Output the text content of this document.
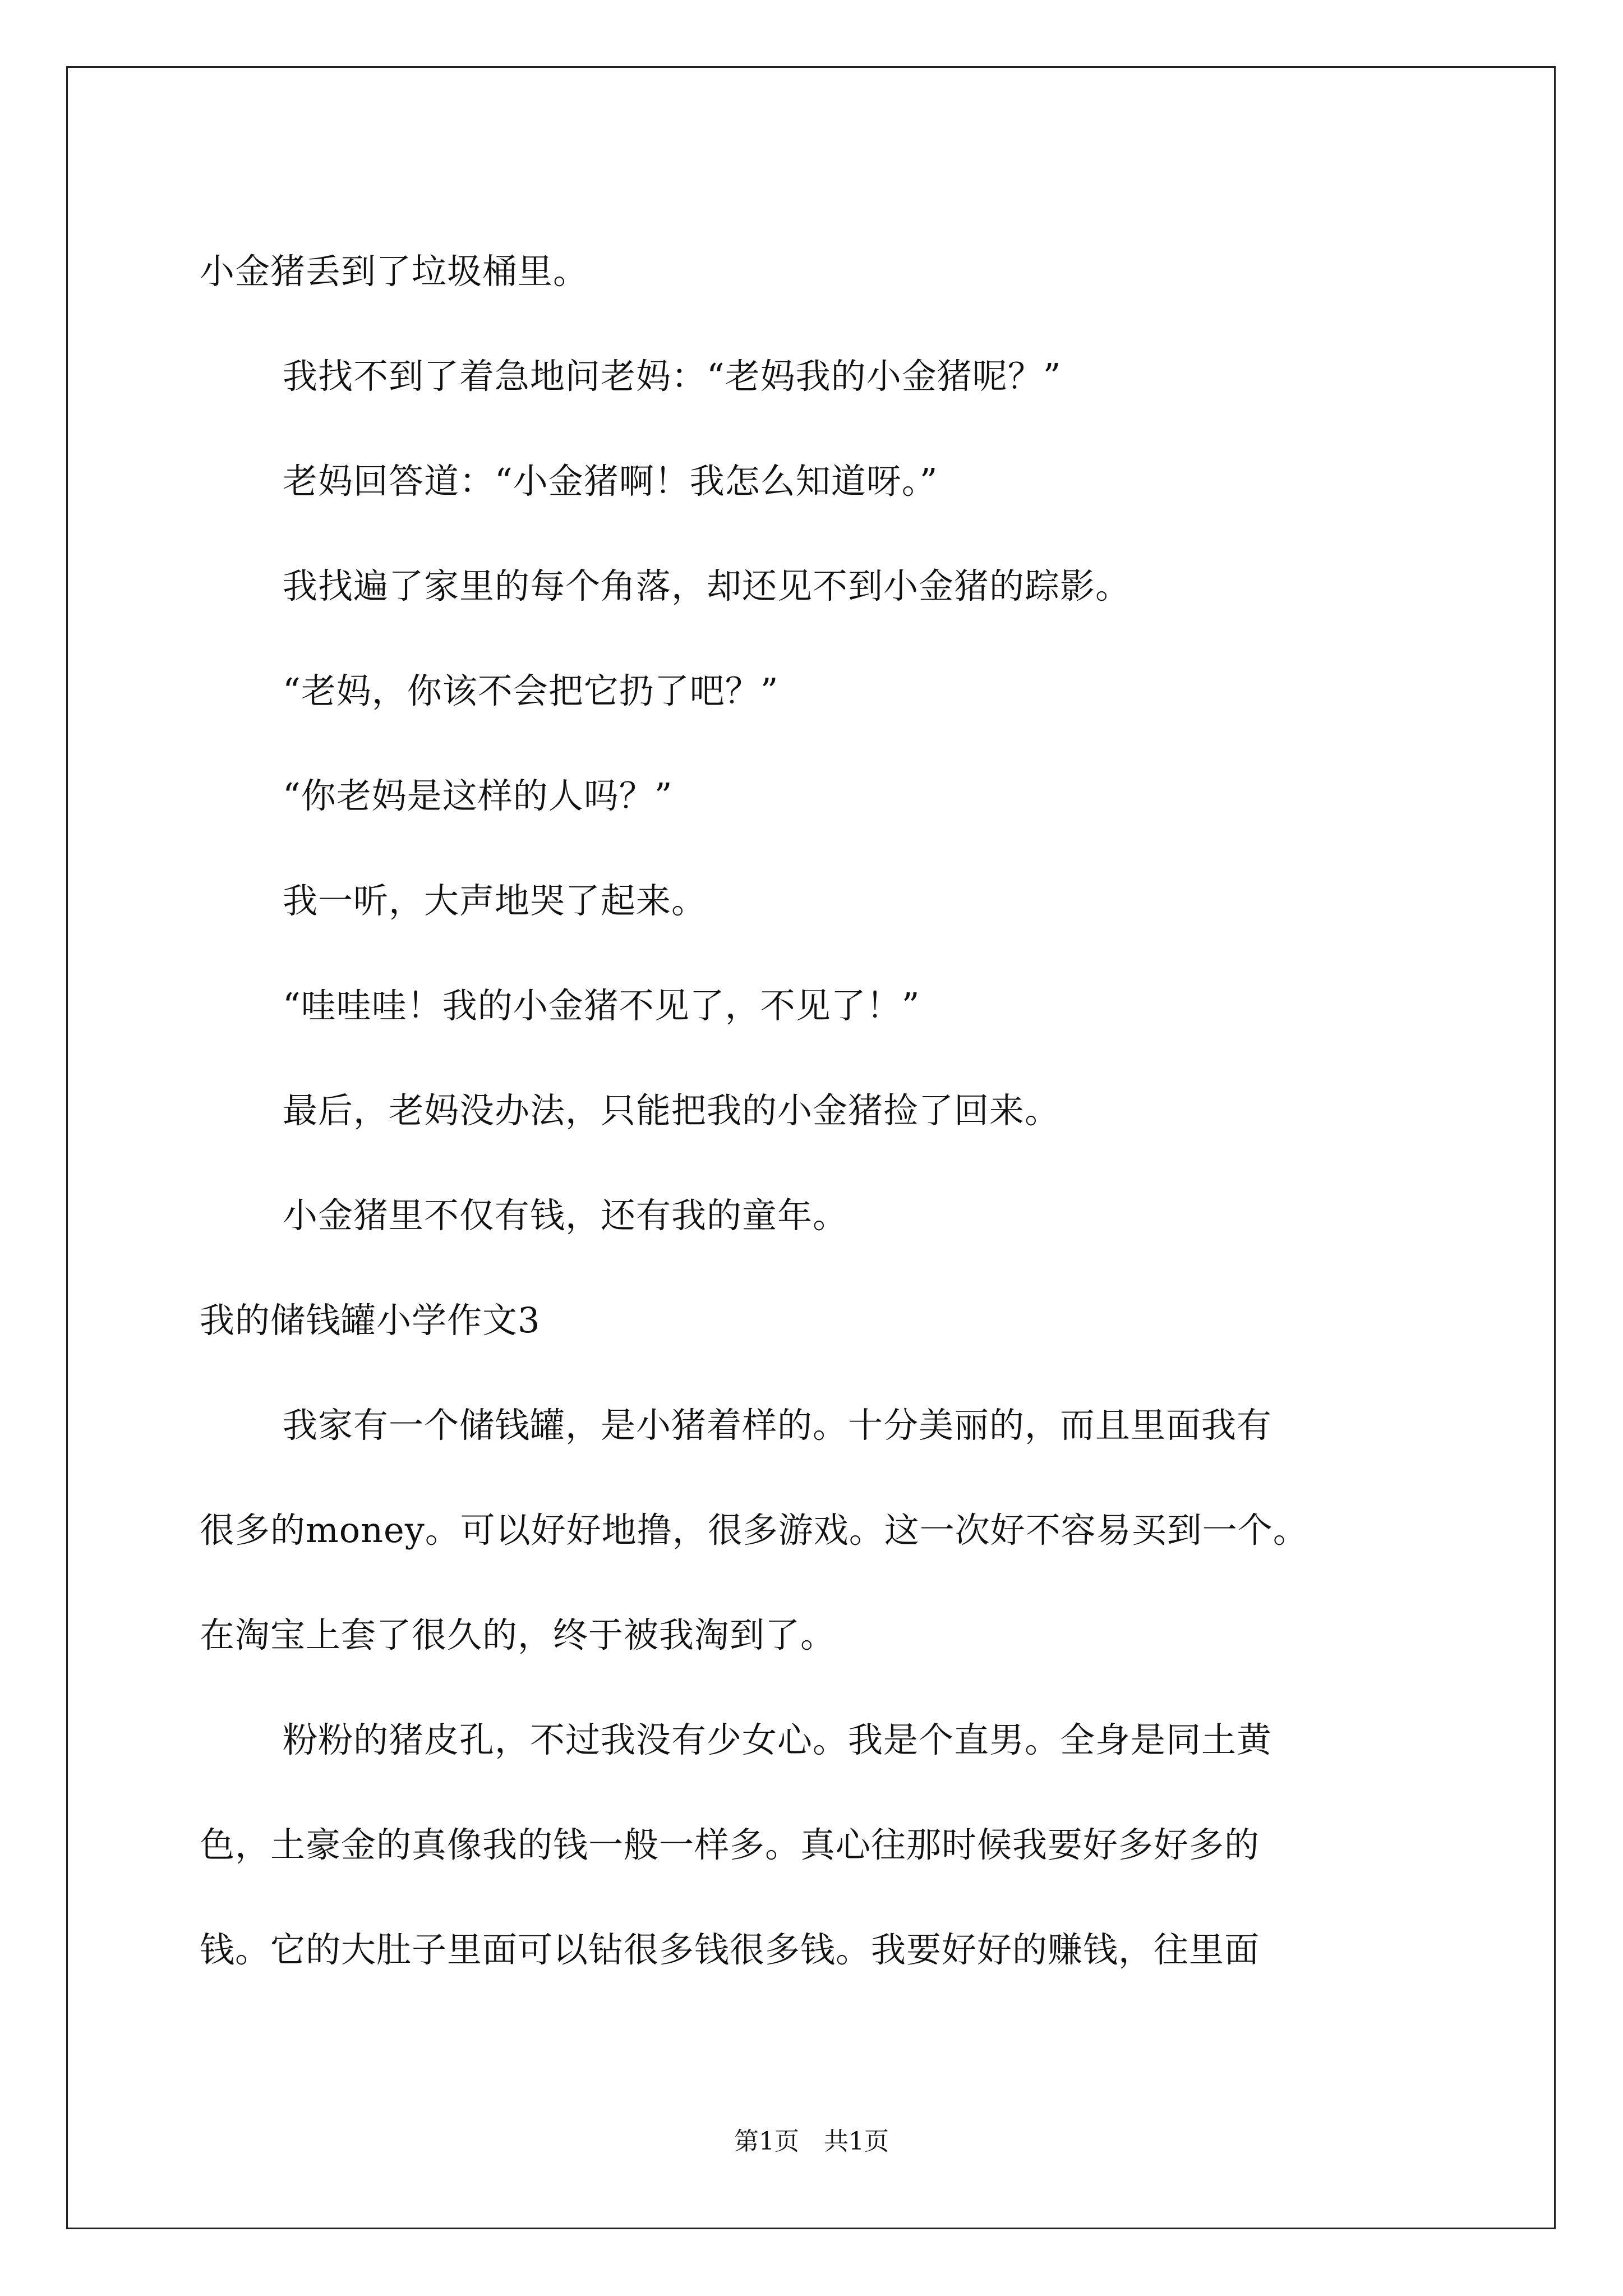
小金猪丢到了垃圾桶里。

我找不到了着急地问老妈：“老妈我的小金猪呢？”

老妈回答道：“小金猪啊！我怎么知道呀。”

我找遍了家里的每个角落，却还见不到小金猪的踪影。

“老妈，你该不会把它扔了吧？”

“你老妈是这样的人吗？”

我一听，大声地哭了起来。

“哇哇哇！我的小金猪不见了，不见了！”

最后，老妈没办法，只能把我的小金猪捡了回来。

小金猪里不仅有钱，还有我的童年。

我的储钱罐小学作文3

我家有一个储钱罐，是小猪着样的。十分美丽的，而且里面我有

很多的money。可以好好地撸，很多游戏。这一次好不容易买到一个。

在淘宝上套了很久的，终于被我淘到了。

粉粉的猪皮孔，不过我没有少女心。我是个直男。全身是同土黄

色，土豪金的真像我的钱一般一样多。真心往那时候我要好多好多的

钱。它的大肚子里面可以钻很多钱很多钱。我要好好的赚钱，往里面

第1页　共1页
